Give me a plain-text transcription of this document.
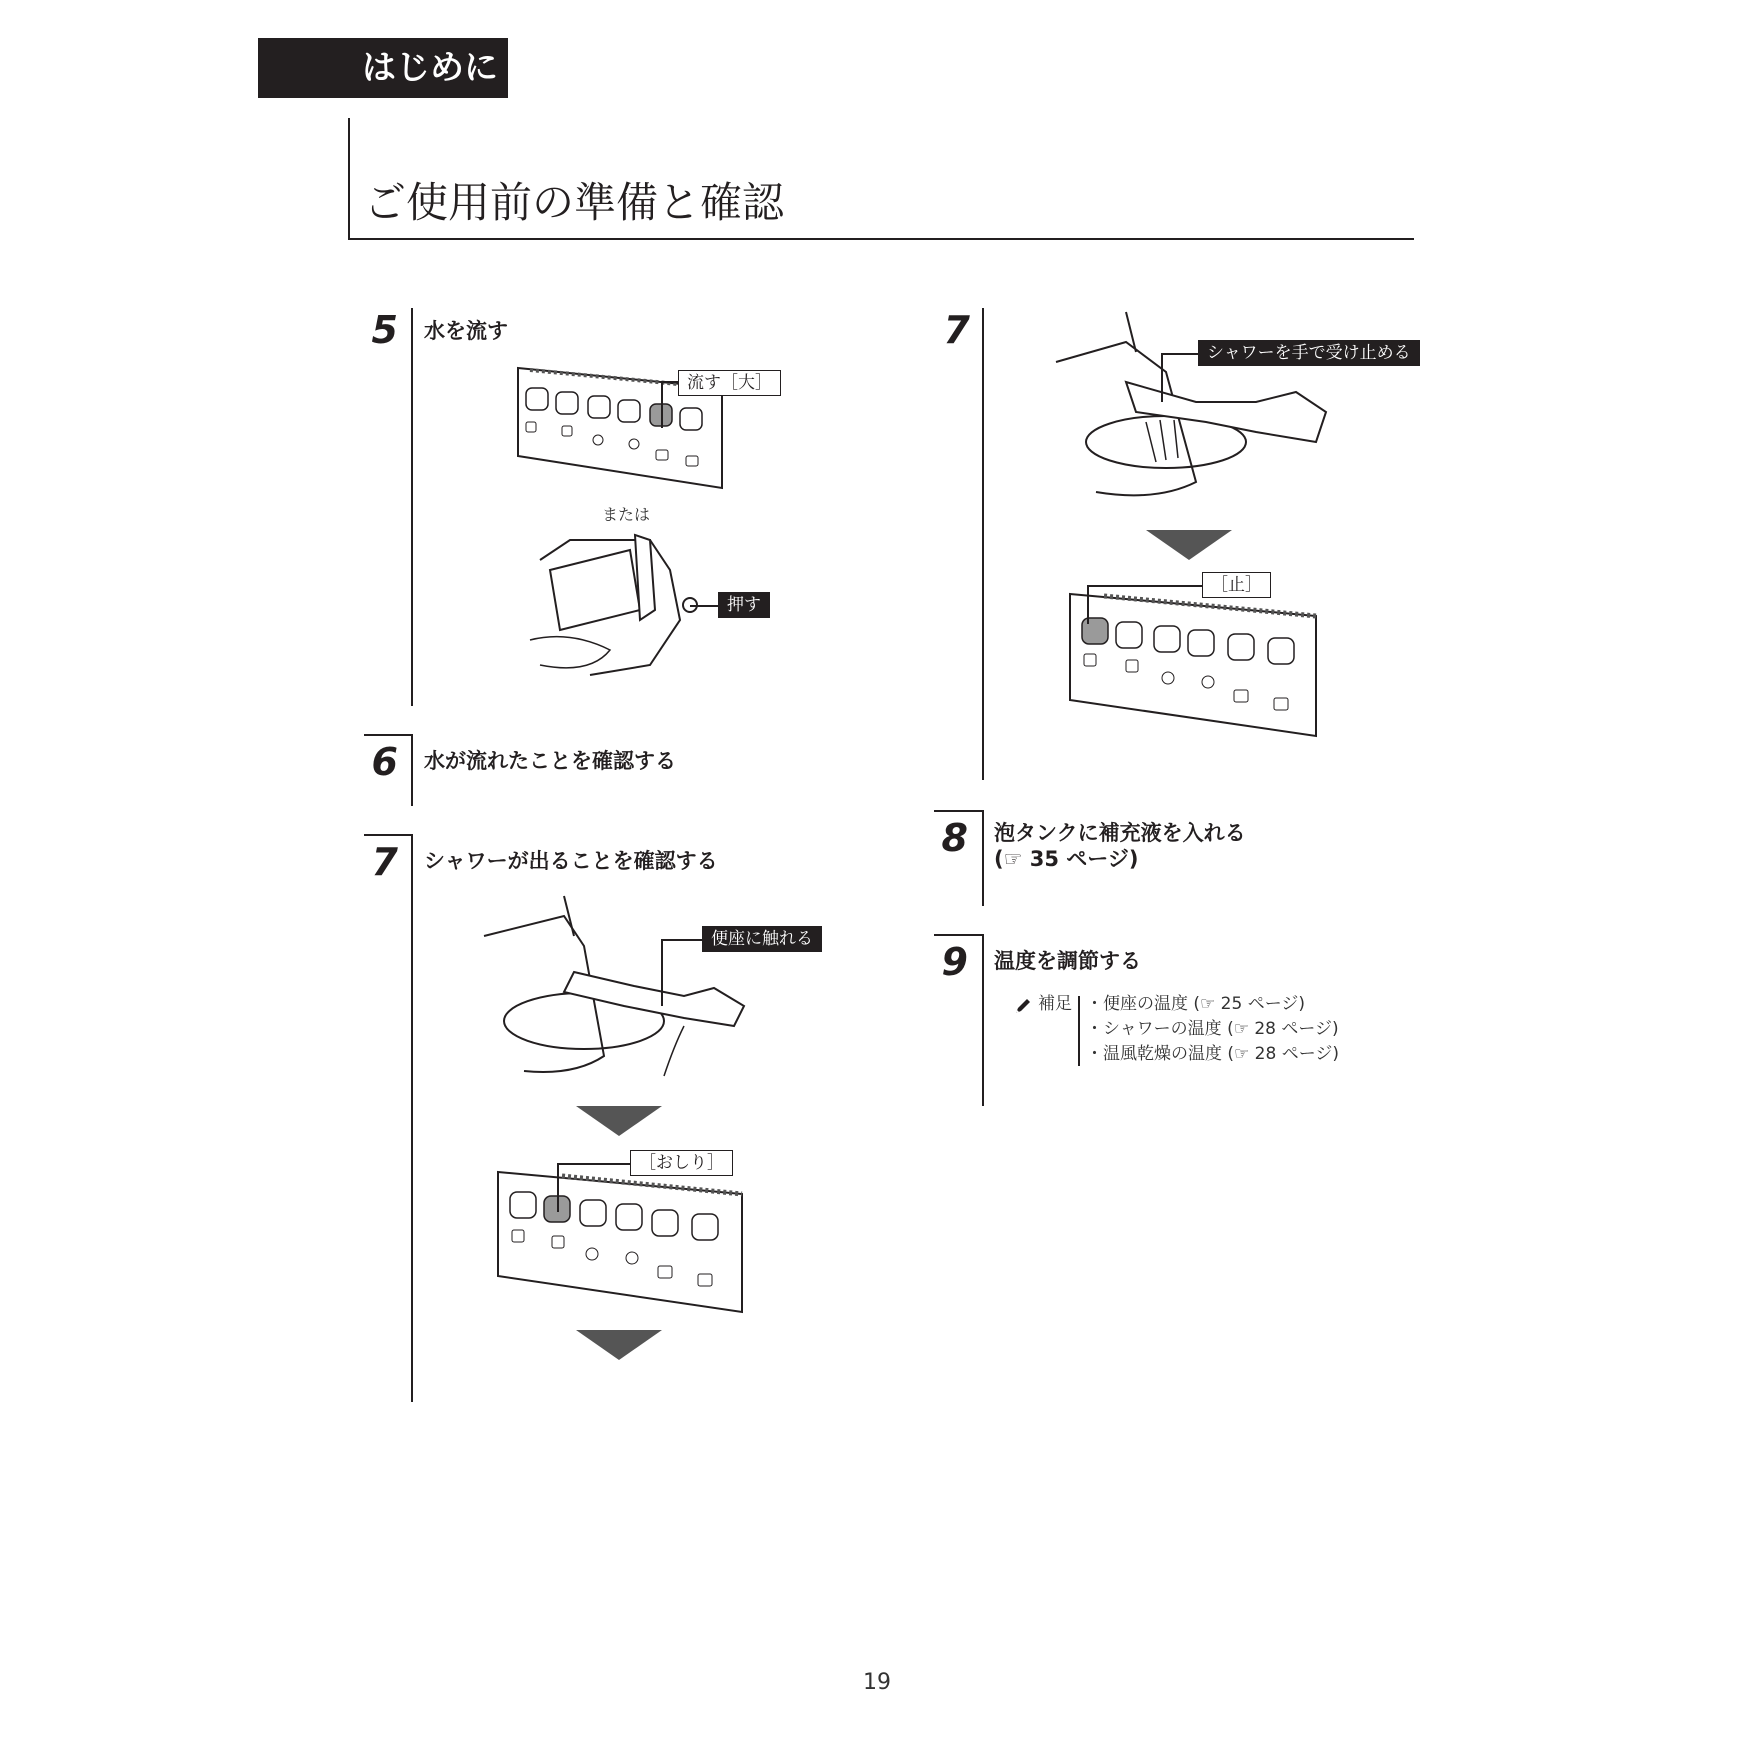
はじめに
ご使用前の準備と確認
5 水を流す
流す［大］
または
押す
6 水が流れたことを確認する
7 シャワーが出ることを確認する
便座に触れる
［おしり］
7
シャワーを手で受け止める
［止］
8 泡タンクに補充液を入れる
(☞ 35 ページ)
9 温度を調節する
補足 ・便座の温度 (☞ 25 ページ)
・シャワーの温度 (☞ 28 ページ)
・温風乾燥の温度 (☞ 28 ページ)
19
